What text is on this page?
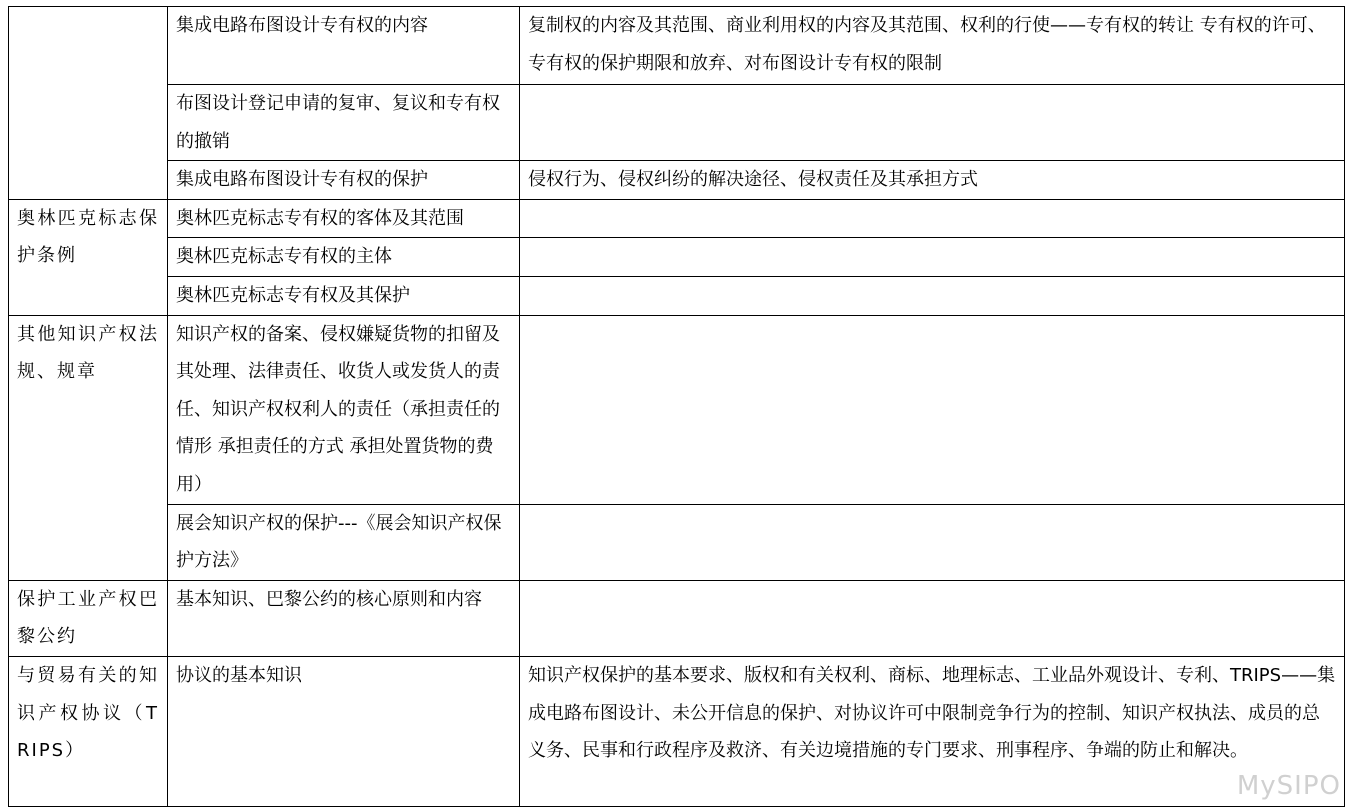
	集成电路布图设计专有权的内容	复制权的内容及其范围、商业利用权的内容及其范围、权利的行使——专有权的转让 专有权的许可、专有权的保护期限和放弃、对布图设计专有权的限制
	布图设计登记申请的复审、复议和专有权的撤销	
	集成电路布图设计专有权的保护	侵权行为、侵权纠纷的解决途径、侵权责任及其承担方式
奥林匹克标志保护条例	奥林匹克标志专有权的客体及其范围	
	奥林匹克标志专有权的主体	
	奥林匹克标志专有权及其保护	
其他知识产权法规、规章	知识产权的备案、侵权嫌疑货物的扣留及其处理、法律责任、收货人或发货人的责任、知识产权权利人的责任（承担责任的情形 承担责任的方式 承担处置货物的费用）	
	展会知识产权的保护---《展会知识产权保护方法》	
保护工业产权巴黎公约	基本知识、巴黎公约的核心原则和内容	
与贸易有关的知识产权协议（TRIPS）	协议的基本知识	知识产权保护的基本要求、版权和有关权利、商标、地理标志、工业品外观设计、专利、TRIPS——集成电路布图设计、未公开信息的保护、对协议许可中限制竞争行为的控制、知识产权执法、成员的总义务、民事和行政程序及救济、有关边境措施的专门要求、刑事程序、争端的防止和解决。
MySIPO
